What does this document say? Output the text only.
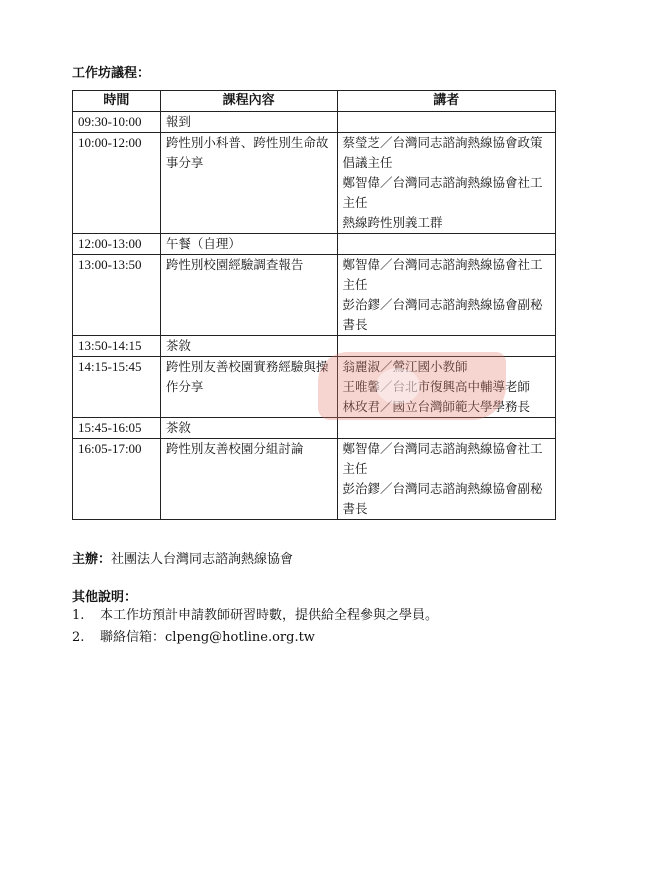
工作坊議程：
時間	課程內容	講者
09:30-10:00	報到	
10:00-12:00	跨性別小科普、跨性別生命故事分享	蔡瑩芝／台灣同志諮詢熱線協會政策倡議主任
鄭智偉／台灣同志諮詢熱線協會社工主任
熱線跨性別義工群

12:00-13:00	午餐（自理）	
13:00-13:50	跨性別校園經驗調查報告	鄭智偉／台灣同志諮詢熱線協會社工主任
彭治鏐／台灣同志諮詢熱線協會副秘書長

13:50-14:15	茶敘	
14:15-15:45	跨性別友善校園實務經驗與操作分享	翁麗淑／鶯江國小教師
王唯馨／台北市復興高中輔導老師
林玫君／國立台灣師範大學學務長

15:45-16:05	茶敘	
16:05-17:00	跨性別友善校園分組討論	鄭智偉／台灣同志諮詢熱線協會社工主任
彭治鏐／台灣同志諮詢熱線協會副秘書長
主辦：社團法人台灣同志諮詢熱線協會
其他說明：
1.	本工作坊預計申請教師研習時數，提供給全程參與之學員。
2.	聯絡信箱：clpeng@hotline.org.tw
